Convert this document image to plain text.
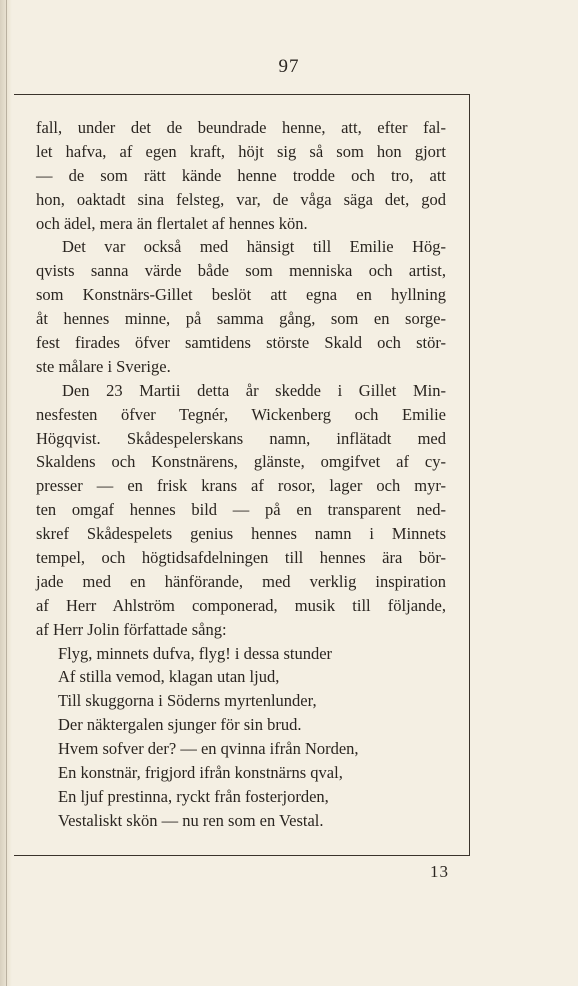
97
fall, under det de beundrade henne, att, efter fal-
let hafva, af egen kraft, höjt sig så som hon gjort
— de som rätt kände henne trodde och tro, att
hon, oaktadt sina felsteg, var, de våga säga det, god
och ädel, mera än flertalet af hennes kön.
Det var också med hänsigt till Emilie Hög-
qvists sanna värde både som menniska och artist,
som Konstnärs-Gillet beslöt att egna en hyllning
åt hennes minne, på samma gång, som en sorge-
fest firades öfver samtidens störste Skald och stör-
ste målare i Sverige.
Den 23 Martii detta år skedde i Gillet Min-
nesfesten öfver Tegnér, Wickenberg och Emilie
Högqvist. Skådespelerskans namn, inflätadt med
Skaldens och Konstnärens, glänste, omgifvet af cy-
presser — en frisk krans af rosor, lager och myr-
ten omgaf hennes bild — på en transparent ned-
skref Skådespelets genius hennes namn i Minnets
tempel, och högtidsafdelningen till hennes ära bör-
jade med en hänförande, med verklig inspiration
af Herr Ahlström componerad, musik till följande,
af Herr Jolin författade sång:
Flyg, minnets dufva, flyg! i dessa stunder
Af stilla vemod, klagan utan ljud,
Till skuggorna i Söderns myrtenlunder,
Der näktergalen sjunger för sin brud.
Hvem sofver der? — en qvinna ifrån Norden,
En konstnär, frigjord ifrån konstnärns qval,
En ljuf prestinna, ryckt från fosterjorden,
Vestaliskt skön — nu ren som en Vestal.
13
